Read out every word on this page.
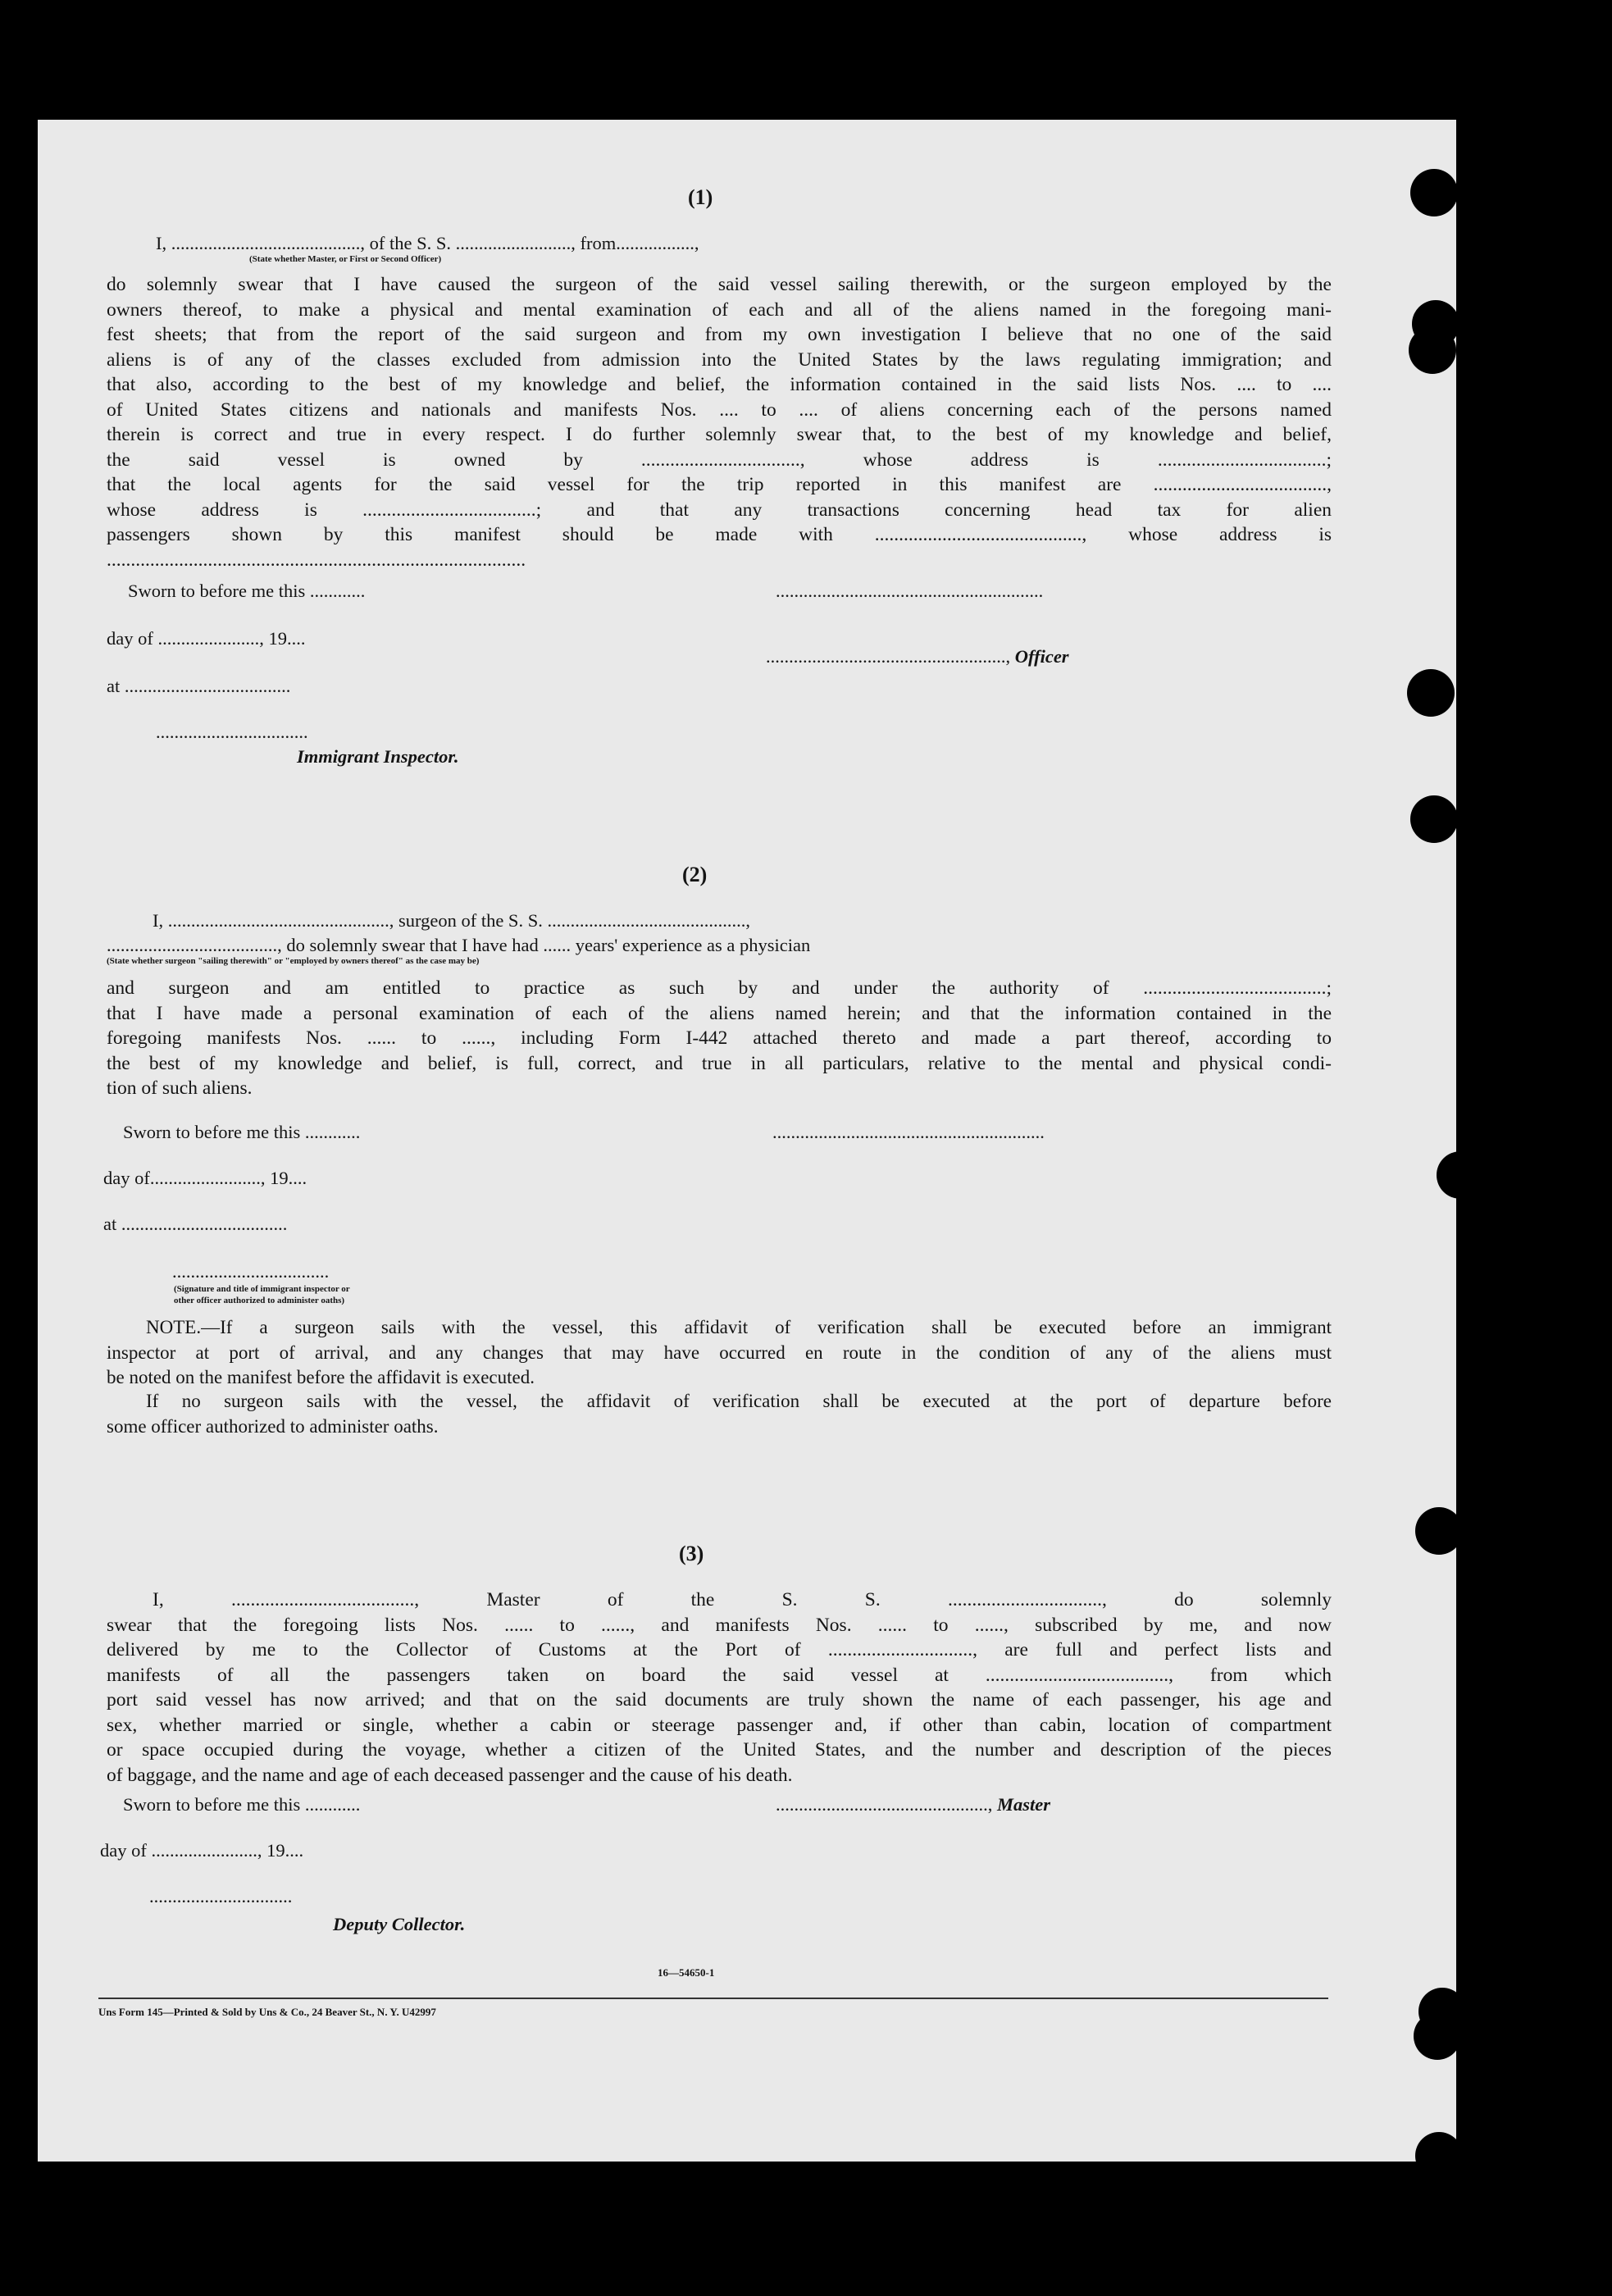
(1)
I, ........................................., of the S. S. ........................., from.................,
(State whether Master, or First or Second Officer)
do solemnly swear that I have caused the surgeon of the said vessel sailing therewith, or the surgeon employed by the
owners thereof, to make a physical and mental examination of each and all of the aliens named in the foregoing mani-
fest sheets; that from the report of the said surgeon and from my own investigation I believe that no one of the said
aliens is of any of the classes excluded from admission into the United States by the laws regulating immigration; and
that also, according to the best of my knowledge and belief, the information contained in the said lists Nos. .... to ....
of United States citizens and nationals and manifests Nos. .... to .... of aliens concerning each of the persons named
therein is correct and true in every respect. I do further solemnly swear that, to the best of my knowledge and belief,
the said vessel is owned by ................................., whose address is ...................................;
that the local agents for the said vessel for the trip reported in this manifest are ....................................,
whose address is ....................................; and that any transactions concerning head tax for alien
passengers shown by this manifest should be made with ..........................................., whose address is
.......................................................................................
Sworn to before me this ............	..........................................................
day of ......................, 19....
...................................................., Officer
at ....................................
.................................
Immigrant Inspector.
(2)
I, ................................................, surgeon of the S. S. ...........................................,
....................................., do solemnly swear that I have had ...... years' experience as a physician
(State whether surgeon "sailing therewith" or "employed by owners thereof" as the case may be)
and surgeon and am entitled to practice as such by and under the authority of ......................................;
that I have made a personal examination of each of the aliens named herein; and that the information contained in the
foregoing manifests Nos. ...... to ......, including Form I-442 attached thereto and made a part thereof, according to
the best of my knowledge and belief, is full, correct, and true in all particulars, relative to the mental and physical condi-
tion of such aliens.
Sworn to before me this ............	...........................................................
day of........................, 19....
at ....................................
..................................
(Signature and title of immigrant inspector or
other officer authorized to administer oaths)
NOTE.—If a surgeon sails with the vessel, this affidavit of verification shall be executed before an immigrant
inspector at port of arrival, and any changes that may have occurred en route in the condition of any of the aliens must
be noted on the manifest before the affidavit is executed.
If no surgeon sails with the vessel, the affidavit of verification shall be executed at the port of departure before
some officer authorized to administer oaths.
(3)
I, ......................................, Master of the S. S. ................................, do solemnly
swear that the foregoing lists Nos. ...... to ......, and manifests Nos. ...... to ......, subscribed by me, and now
delivered by me to the Collector of Customs at the Port of .............................., are full and perfect lists and
manifests of all the passengers taken on board the said vessel at ......................................, from which
port said vessel has now arrived; and that on the said documents are truly shown the name of each passenger, his age and
sex, whether married or single, whether a cabin or steerage passenger and, if other than cabin, location of compartment
or space occupied during the voyage, whether a citizen of the United States, and the number and description of the pieces
of baggage, and the name and age of each deceased passenger and the cause of his death.
Sworn to before me this ............	.............................................., Master
day of ......................., 19....
...............................
Deputy Collector.
16—54650-1
Uns Form 145—Printed & Sold by Uns & Co., 24 Beaver St., N. Y. U42997
